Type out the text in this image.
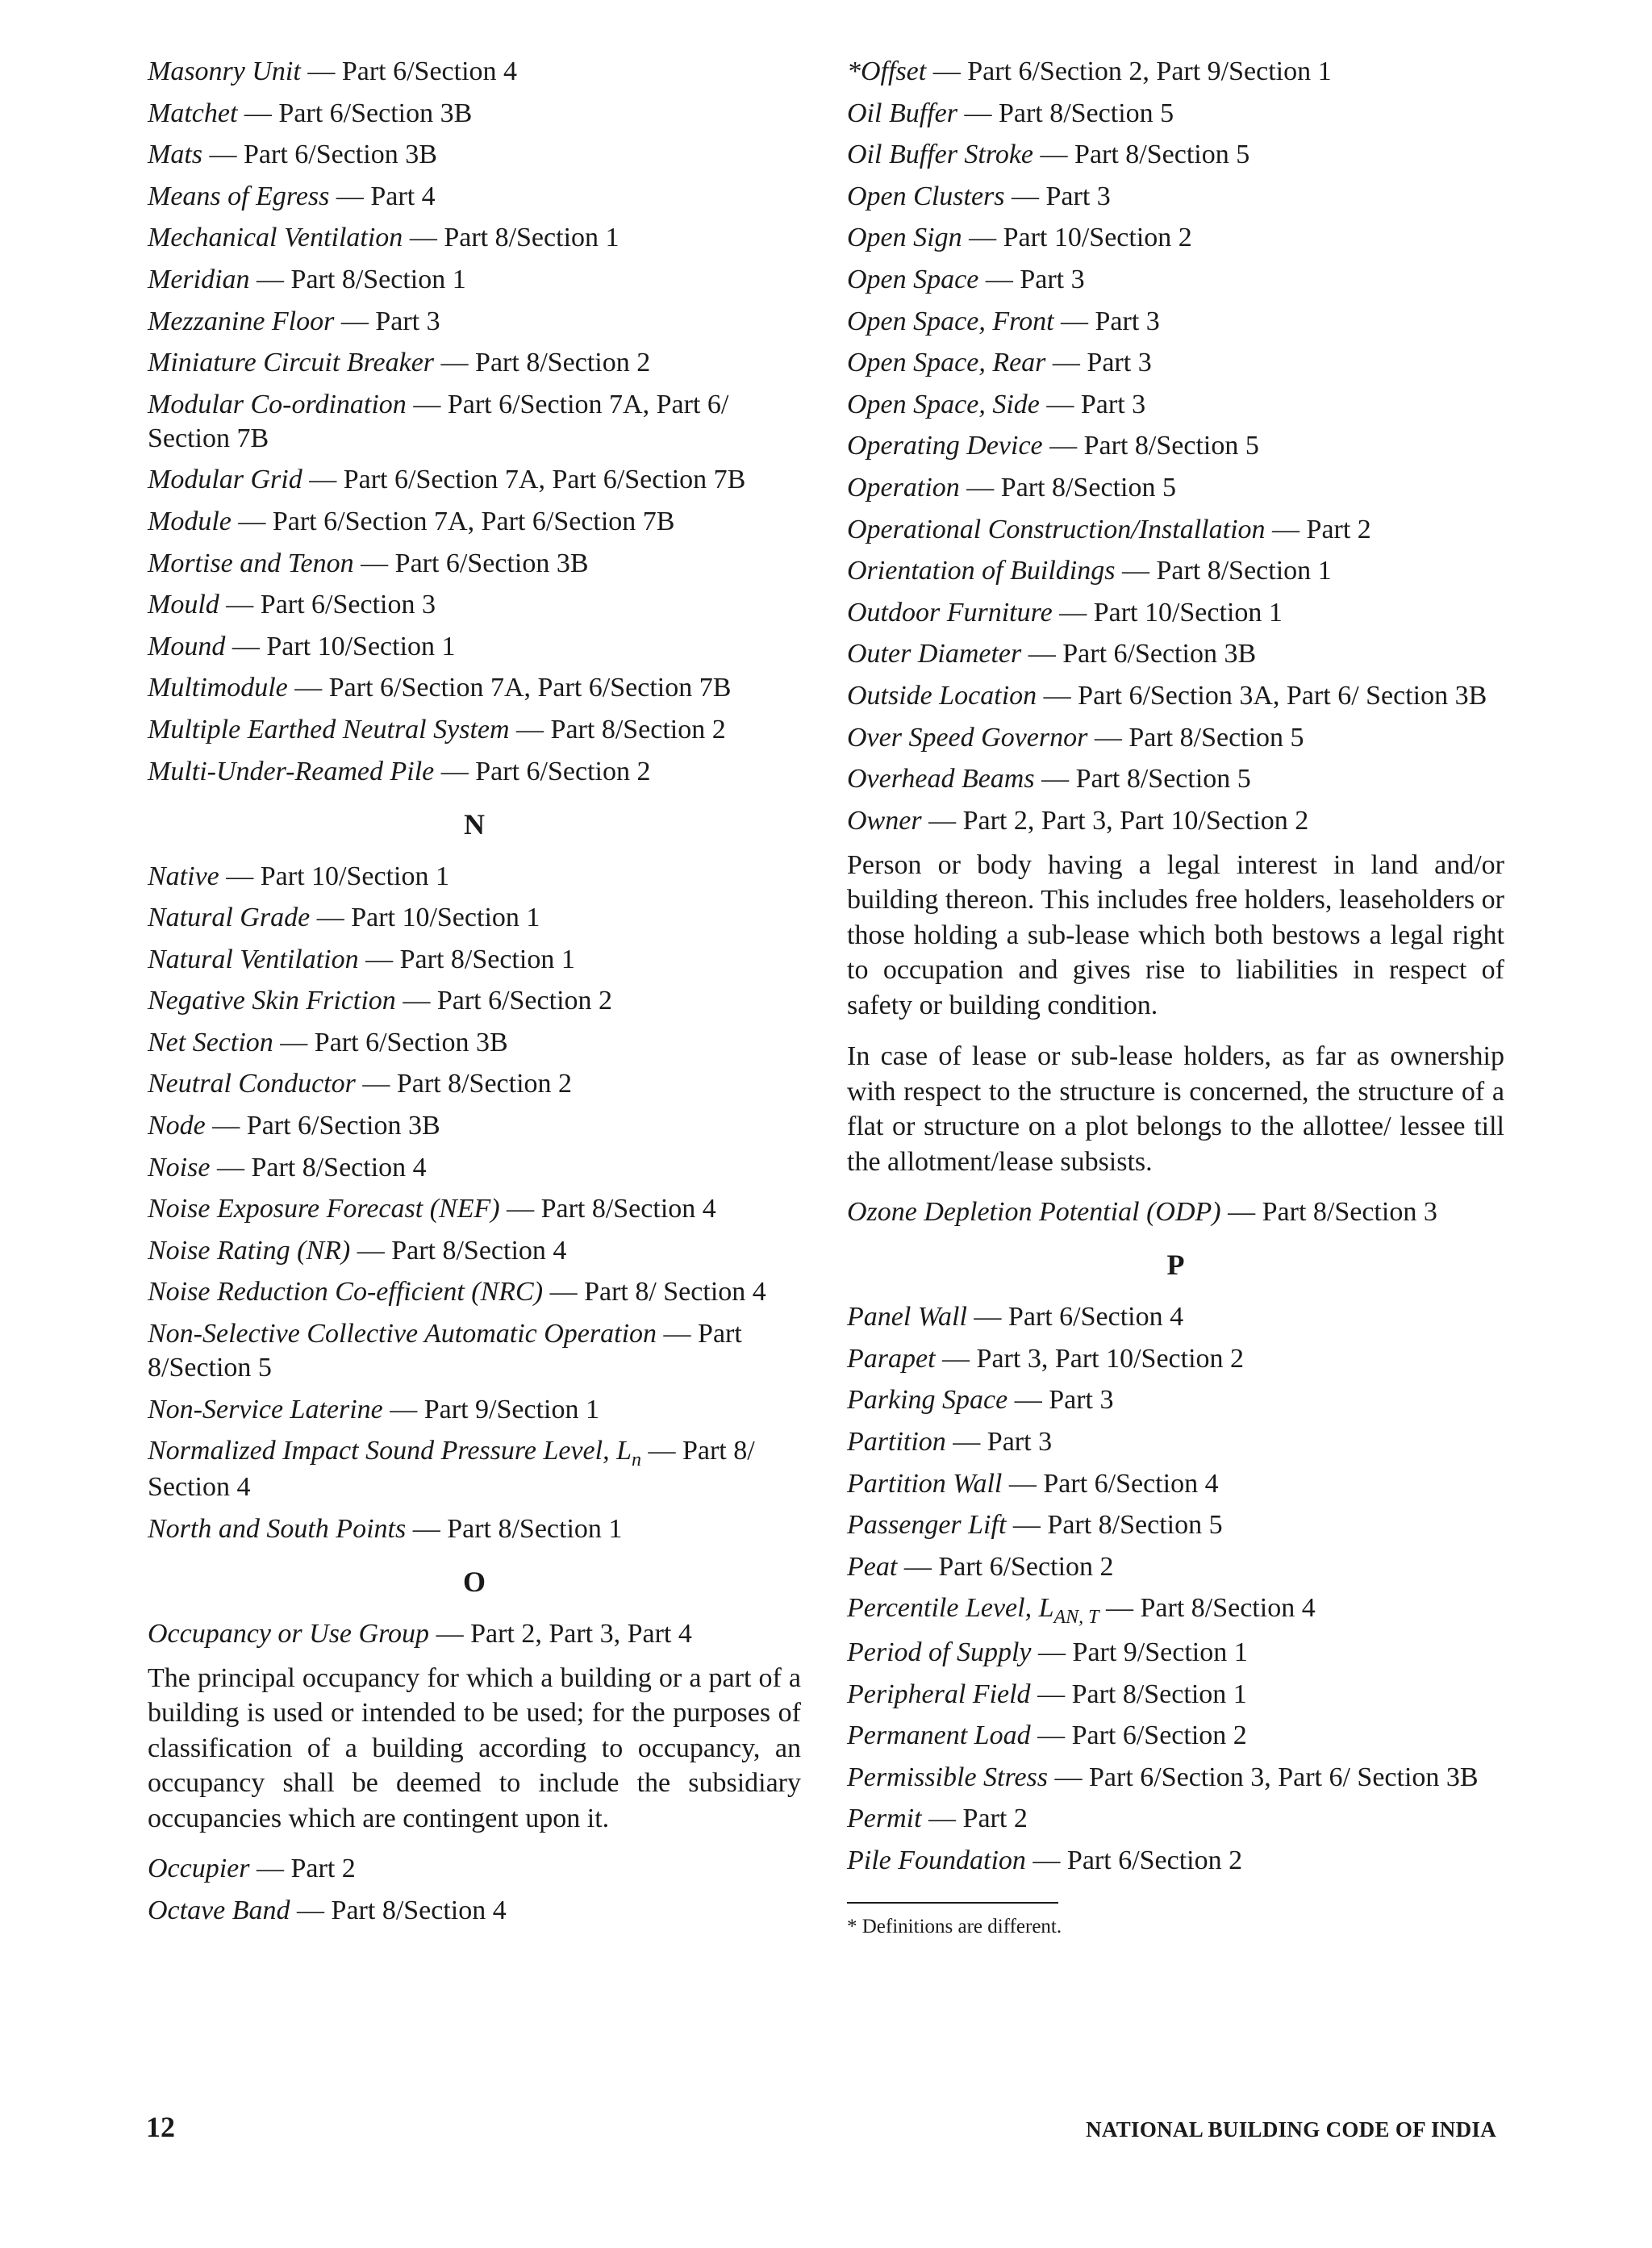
Masonry Unit — Part 6/Section 4
Matchet — Part 6/Section 3B
Mats — Part 6/Section 3B
Means of Egress — Part 4
Mechanical Ventilation — Part 8/Section 1
Meridian — Part 8/Section 1
Mezzanine Floor — Part 3
Miniature Circuit Breaker — Part 8/Section 2
Modular Co-ordination — Part 6/Section 7A, Part 6/ Section 7B
Modular Grid — Part 6/Section 7A, Part 6/Section 7B
Module — Part 6/Section 7A, Part 6/Section 7B
Mortise and Tenon — Part 6/Section 3B
Mould — Part 6/Section 3
Mound — Part 10/Section 1
Multimodule — Part 6/Section 7A, Part 6/Section 7B
Multiple Earthed Neutral System — Part 8/Section 2
Multi-Under-Reamed Pile — Part 6/Section 2
N
Native — Part 10/Section 1
Natural Grade — Part 10/Section 1
Natural Ventilation — Part 8/Section 1
Negative Skin Friction — Part 6/Section 2
Net Section — Part 6/Section 3B
Neutral Conductor — Part 8/Section 2
Node — Part 6/Section 3B
Noise — Part 8/Section 4
Noise Exposure Forecast (NEF) — Part 8/Section 4
Noise Rating (NR) — Part 8/Section 4
Noise Reduction Co-efficient (NRC) — Part 8/ Section 4
Non-Selective Collective Automatic Operation — Part 8/Section 5
Non-Service Laterine — Part 9/Section 1
Normalized Impact Sound Pressure Level, $L_n$ — Part 8/ Section 4
North and South Points — Part 8/Section 1
O
Occupancy or Use Group — Part 2, Part 3, Part 4

The principal occupancy for which a building or a part of a building is used or intended to be used; for the purposes of classification of a building according to occupancy, an occupancy shall be deemed to include the subsidiary occupancies which are contingent upon it.

Occupier — Part 2
Octave Band — Part 8/Section 4
*Offset — Part 6/Section 2, Part 9/Section 1
Oil Buffer — Part 8/Section 5
Oil Buffer Stroke — Part 8/Section 5
Open Clusters — Part 3
Open Sign — Part 10/Section 2
Open Space — Part 3
Open Space, Front — Part 3
Open Space, Rear — Part 3
Open Space, Side — Part 3
Operating Device — Part 8/Section 5
Operation — Part 8/Section 5
Operational Construction/Installation — Part 2
Orientation of Buildings — Part 8/Section 1
Outdoor Furniture — Part 10/Section 1
Outer Diameter — Part 6/Section 3B
Outside Location — Part 6/Section 3A, Part 6/ Section 3B
Over Speed Governor — Part 8/Section 5
Overhead Beams — Part 8/Section 5
Owner — Part 2, Part 3, Part 10/Section 2

Person or body having a legal interest in land and/or building thereon. This includes free holders, leaseholders or those holding a sub-lease which both bestows a legal right to occupation and gives rise to liabilities in respect of safety or building condition.

In case of lease or sub-lease holders, as far as ownership with respect to the structure is concerned, the structure of a flat or structure on a plot belongs to the allottee/ lessee till the allotment/lease subsists.

Ozone Depletion Potential (ODP) — Part 8/Section 3
P
Panel Wall — Part 6/Section 4
Parapet — Part 3, Part 10/Section 2
Parking Space — Part 3
Partition — Part 3
Partition Wall — Part 6/Section 4
Passenger Lift — Part 8/Section 5
Peat — Part 6/Section 2
Percentile Level, $L_{AN, T}$ — Part 8/Section 4
Period of Supply — Part 9/Section 1
Peripheral Field — Part 8/Section 1
Permanent Load — Part 6/Section 2
Permissible Stress — Part 6/Section 3, Part 6/ Section 3B
Permit — Part 2
Pile Foundation — Part 6/Section 2
* Definitions are different.
12	NATIONAL BUILDING CODE OF INDIA
